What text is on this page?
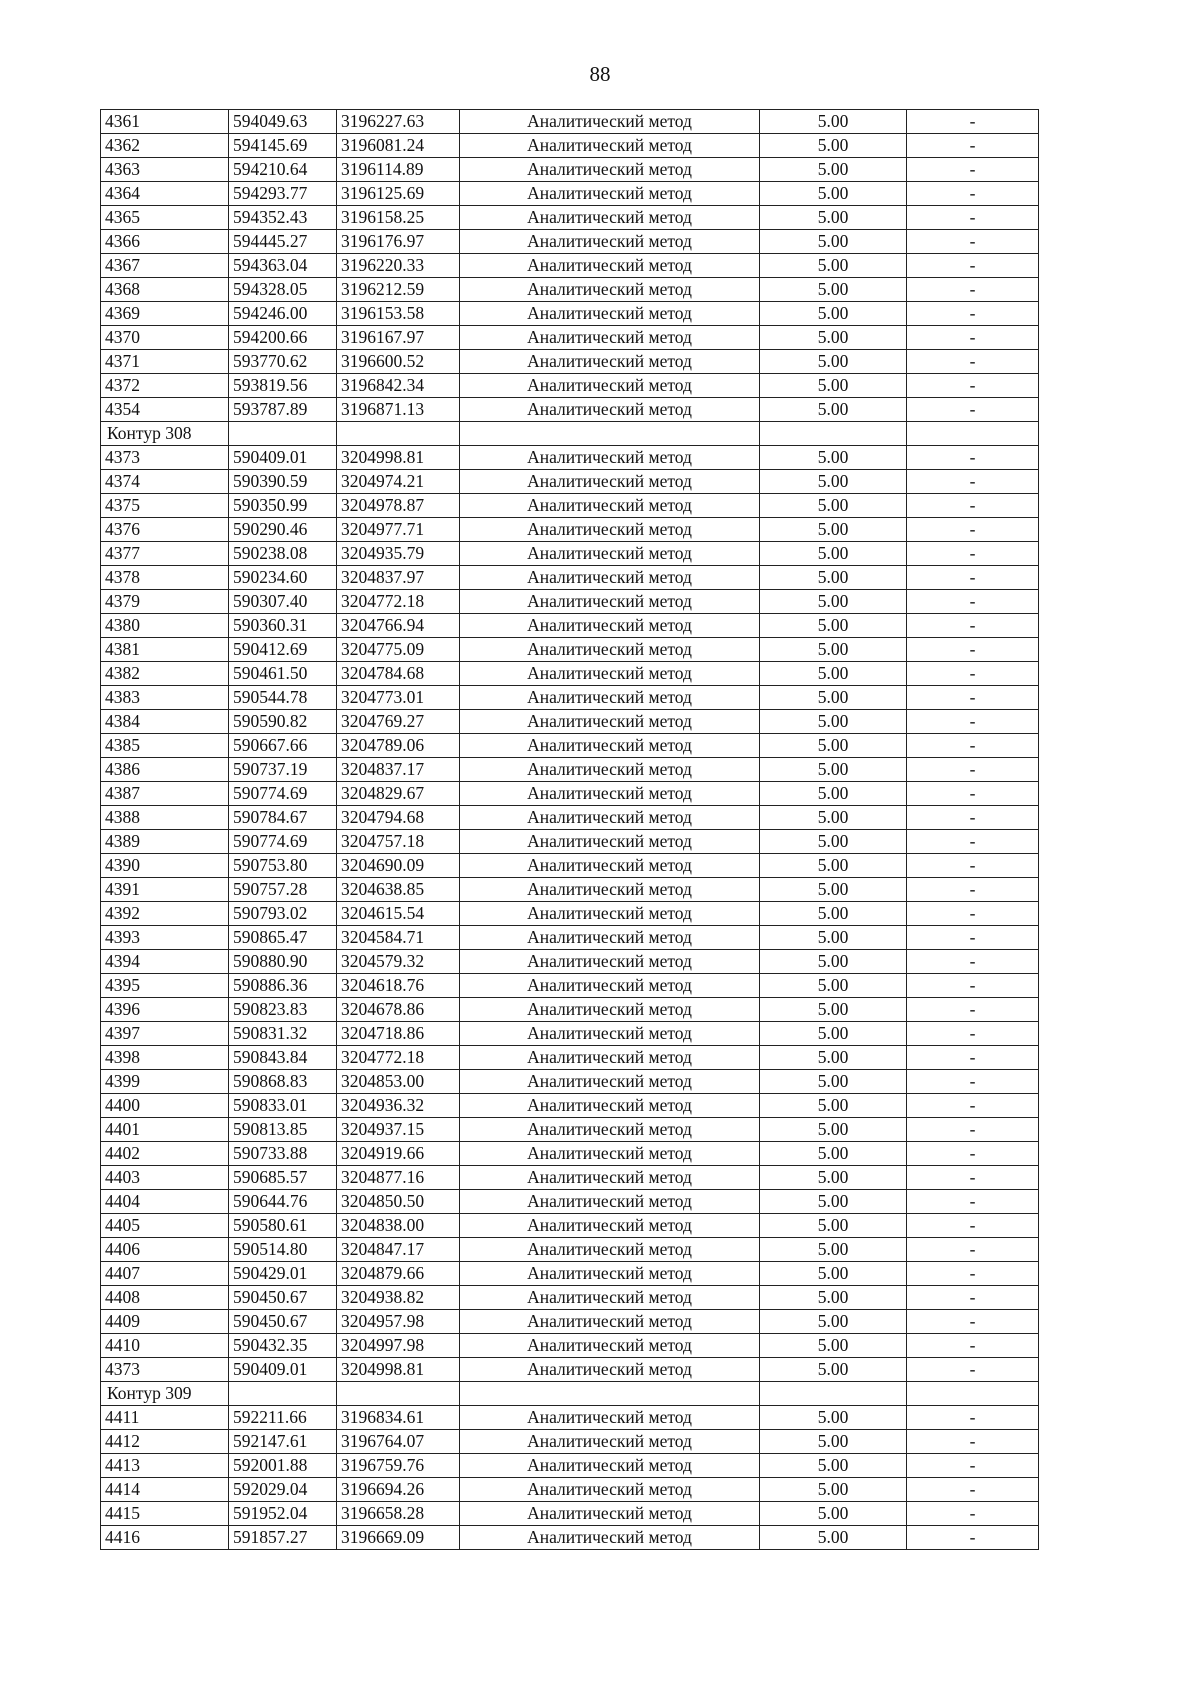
88
4361	594049.63	3196227.63	Аналитический метод	5.00	-
4362	594145.69	3196081.24	Аналитический метод	5.00	-
4363	594210.64	3196114.89	Аналитический метод	5.00	-
4364	594293.77	3196125.69	Аналитический метод	5.00	-
4365	594352.43	3196158.25	Аналитический метод	5.00	-
4366	594445.27	3196176.97	Аналитический метод	5.00	-
4367	594363.04	3196220.33	Аналитический метод	5.00	-
4368	594328.05	3196212.59	Аналитический метод	5.00	-
4369	594246.00	3196153.58	Аналитический метод	5.00	-
4370	594200.66	3196167.97	Аналитический метод	5.00	-
4371	593770.62	3196600.52	Аналитический метод	5.00	-
4372	593819.56	3196842.34	Аналитический метод	5.00	-
4354	593787.89	3196871.13	Аналитический метод	5.00	-
Контур 308					
4373	590409.01	3204998.81	Аналитический метод	5.00	-
4374	590390.59	3204974.21	Аналитический метод	5.00	-
4375	590350.99	3204978.87	Аналитический метод	5.00	-
4376	590290.46	3204977.71	Аналитический метод	5.00	-
4377	590238.08	3204935.79	Аналитический метод	5.00	-
4378	590234.60	3204837.97	Аналитический метод	5.00	-
4379	590307.40	3204772.18	Аналитический метод	5.00	-
4380	590360.31	3204766.94	Аналитический метод	5.00	-
4381	590412.69	3204775.09	Аналитический метод	5.00	-
4382	590461.50	3204784.68	Аналитический метод	5.00	-
4383	590544.78	3204773.01	Аналитический метод	5.00	-
4384	590590.82	3204769.27	Аналитический метод	5.00	-
4385	590667.66	3204789.06	Аналитический метод	5.00	-
4386	590737.19	3204837.17	Аналитический метод	5.00	-
4387	590774.69	3204829.67	Аналитический метод	5.00	-
4388	590784.67	3204794.68	Аналитический метод	5.00	-
4389	590774.69	3204757.18	Аналитический метод	5.00	-
4390	590753.80	3204690.09	Аналитический метод	5.00	-
4391	590757.28	3204638.85	Аналитический метод	5.00	-
4392	590793.02	3204615.54	Аналитический метод	5.00	-
4393	590865.47	3204584.71	Аналитический метод	5.00	-
4394	590880.90	3204579.32	Аналитический метод	5.00	-
4395	590886.36	3204618.76	Аналитический метод	5.00	-
4396	590823.83	3204678.86	Аналитический метод	5.00	-
4397	590831.32	3204718.86	Аналитический метод	5.00	-
4398	590843.84	3204772.18	Аналитический метод	5.00	-
4399	590868.83	3204853.00	Аналитический метод	5.00	-
4400	590833.01	3204936.32	Аналитический метод	5.00	-
4401	590813.85	3204937.15	Аналитический метод	5.00	-
4402	590733.88	3204919.66	Аналитический метод	5.00	-
4403	590685.57	3204877.16	Аналитический метод	5.00	-
4404	590644.76	3204850.50	Аналитический метод	5.00	-
4405	590580.61	3204838.00	Аналитический метод	5.00	-
4406	590514.80	3204847.17	Аналитический метод	5.00	-
4407	590429.01	3204879.66	Аналитический метод	5.00	-
4408	590450.67	3204938.82	Аналитический метод	5.00	-
4409	590450.67	3204957.98	Аналитический метод	5.00	-
4410	590432.35	3204997.98	Аналитический метод	5.00	-
4373	590409.01	3204998.81	Аналитический метод	5.00	-
Контур 309					
4411	592211.66	3196834.61	Аналитический метод	5.00	-
4412	592147.61	3196764.07	Аналитический метод	5.00	-
4413	592001.88	3196759.76	Аналитический метод	5.00	-
4414	592029.04	3196694.26	Аналитический метод	5.00	-
4415	591952.04	3196658.28	Аналитический метод	5.00	-
4416	591857.27	3196669.09	Аналитический метод	5.00	-
